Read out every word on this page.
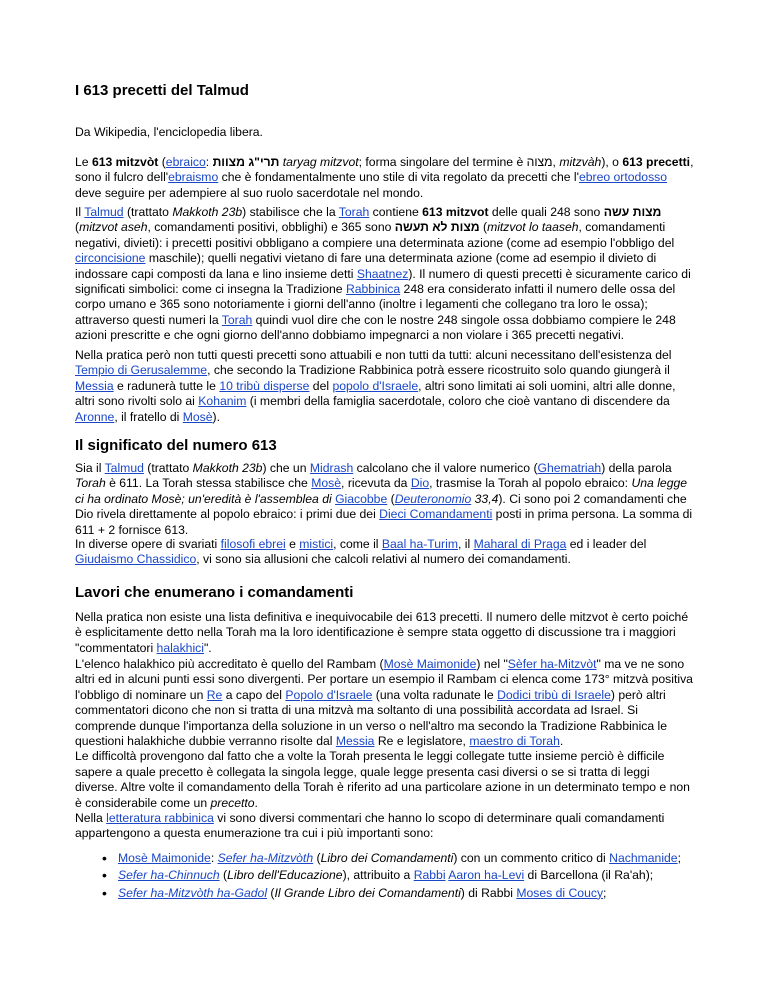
I 613 precetti del Talmud

Da Wikipedia, l'enciclopedia libera.

Le 613 mitzvòt (ebraico: תרי"ג מצוות taryag mitzvot; forma singolare del termine è מצוה, mitzvàh), o 613 precetti, sono il fulcro dell'ebraismo che è fondamentalmente uno stile di vita regolato da precetti che l'ebreo ortodosso deve seguire per adempiere al suo ruolo sacerdotale nel mondo.

Il Talmud (trattato Makkoth 23b) stabilisce che la Torah contiene 613 mitzvot delle quali 248 sono מצות עשה (mitzvot aseh, comandamenti positivi, obblighi) e 365 sono מצות לא תעשה (mitzvot lo taaseh, comandamenti negativi, divieti): i precetti positivi obbligano a compiere una determinata azione (come ad esempio l'obbligo del circoncisione maschile); quelli negativi vietano di fare una determinata azione (come ad esempio il divieto di indossare capi composti da lana e lino insieme detti Shaatnez). Il numero di questi precetti è sicuramente carico di significati simbolici: come ci insegna la Tradizione Rabbinica 248 era considerato infatti il numero delle ossa del corpo umano e 365 sono notoriamente i giorni dell'anno (inoltre i legamenti che collegano tra loro le ossa); attraverso questi numeri la Torah quindi vuol dire che con le nostre 248 singole ossa dobbiamo compiere le 248 azioni prescritte e che ogni giorno dell'anno dobbiamo impegnarci a non violare i 365 precetti negativi.

Nella pratica però non tutti questi precetti sono attuabili e non tutti da tutti: alcuni necessitano dell'esistenza del Tempio di Gerusalemme, che secondo la Tradizione Rabbinica potrà essere ricostruito solo quando giungerà il Messia e radunerà tutte le 10 tribù disperse del popolo d'Israele, altri sono limitati ai soli uomini, altri alle donne, altri sono rivolti solo ai Kohanim (i membri della famiglia sacerdotale, coloro che cioè vantano di discendere da Aronne, il fratello di Mosè).

Il significato del numero 613

Sia il Talmud (trattato Makkoth 23b) che un Midrash calcolano che il valore numerico (Ghematriah) della parola Torah è 611. La Torah stessa stabilisce che Mosè, ricevuta da Dio, trasmise la Torah al popolo ebraico: Una legge ci ha ordinato Mosè; un'eredità è l'assemblea di Giacobbe (Deuteronomio 33,4). Ci sono poi 2 comandamenti che Dio rivela direttamente al popolo ebraico: i primi due dei Dieci Comandamenti posti in prima persona. La somma di 611 + 2 fornisce 613.

In diverse opere di svariati filosofi ebrei e mistici, come il Baal ha-Turim, il Maharal di Praga ed i leader del Giudaismo Chassidico, vi sono sia allusioni che calcoli relativi al numero dei comandamenti.

Lavori che enumerano i comandamenti

Nella pratica non esiste una lista definitiva e inequivocabile dei 613 precetti. Il numero delle mitzvot è certo poiché è esplicitamente detto nella Torah ma la loro identificazione è sempre stata oggetto di discussione tra i maggiori "commentatori halakhici".

L'elenco halakhico più accreditato è quello del Rambam (Mosè Maimonide) nel "Sèfer ha-Mitzvòt" ma ve ne sono altri ed in alcuni punti essi sono divergenti. Per portare un esempio il Rambam ci elenca come 173° mitzvà positiva l'obbligo di nominare un Re a capo del Popolo d'Israele (una volta radunate le Dodici tribù di Israele) però altri commentatori dicono che non si tratta di una mitzvà ma soltanto di una possibilità accordata ad Israel. Si comprende dunque l'importanza della soluzione in un verso o nell'altro ma secondo la Tradizione Rabbinica le questioni halakhiche dubbie verranno risolte dal Messia Re e legislatore, maestro di Torah.
Le difficoltà provengono dal fatto che a volte la Torah presenta le leggi collegate tutte insieme perciò è difficile sapere a quale precetto è collegata la singola legge, quale legge presenta casi diversi o se si tratta di leggi diverse. Altre volte il comandamento della Torah è riferito ad una particolare azione in un determinato tempo e non è considerabile come un precetto.

Nella letteratura rabbinica vi sono diversi commentari che hanno lo scopo di determinare quali comandamenti appartengono a questa enumerazione tra cui i più importanti sono:

• Mosè Maimonide: Sefer ha-Mitzvòth (Libro dei Comandamenti) con un commento critico di Nachmanide;
• Sefer ha-Chinnuch (Libro dell'Educazione), attribuito a Rabbi Aaron ha-Levi di Barcellona (il Ra'ah);
• Sefer ha-Mitzvòth ha-Gadol (Il Grande Libro dei Comandamenti) di Rabbi Moses di Coucy;
